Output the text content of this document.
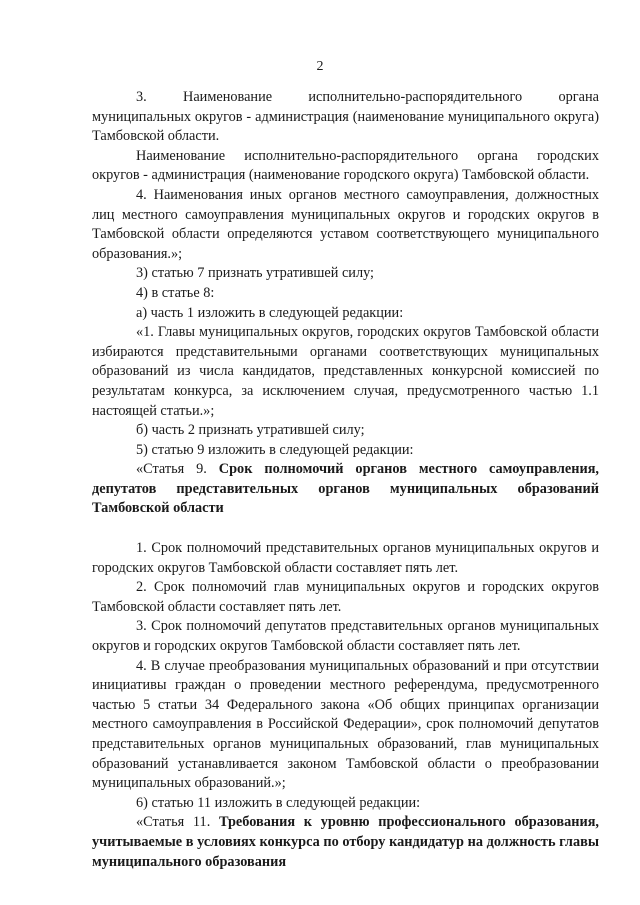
2

3. Наименование исполнительно-распорядительного органа муниципальных округов - администрация (наименование муниципального округа) Тамбовской области.

Наименование исполнительно-распорядительного органа городских округов - администрация (наименование городского округа) Тамбовской области.

4. Наименования иных органов местного самоуправления, должностных лиц местного самоуправления муниципальных округов и городских округов в Тамбовской области определяются уставом соответствующего муниципального образования.»;

3) статью 7 признать утратившей силу;

4) в статье 8:

а) часть 1 изложить в следующей редакции:

«1. Главы муниципальных округов, городских округов Тамбовской области избираются представительными органами соответствующих муниципальных образований из числа кандидатов, представленных конкурсной комиссией по результатам конкурса, за исключением случая, предусмотренного частью 1.1 настоящей статьи.»;

б) часть 2 признать утратившей силу;

5) статью 9 изложить в следующей редакции:

«Статья 9. Срок полномочий органов местного самоуправления, депутатов представительных органов муниципальных образований Тамбовской области

1. Срок полномочий представительных органов муниципальных округов и городских округов Тамбовской области составляет пять лет.

2. Срок полномочий глав муниципальных округов и городских округов Тамбовской области составляет пять лет.

3. Срок полномочий депутатов представительных органов муниципальных округов и городских округов Тамбовской области составляет пять лет.

4. В случае преобразования муниципальных образований и при отсутствии инициативы граждан о проведении местного референдума, предусмотренного частью 5 статьи 34 Федерального закона «Об общих принципах организации местного самоуправления в Российской Федерации», срок полномочий депутатов представительных органов муниципальных образований, глав муниципальных образований устанавливается законом Тамбовской области о преобразовании муниципальных образований.»;

6) статью 11 изложить в следующей редакции:

«Статья 11. Требования к уровню профессионального образования, учитываемые в условиях конкурса по отбору кандидатур на должность главы муниципального образования
